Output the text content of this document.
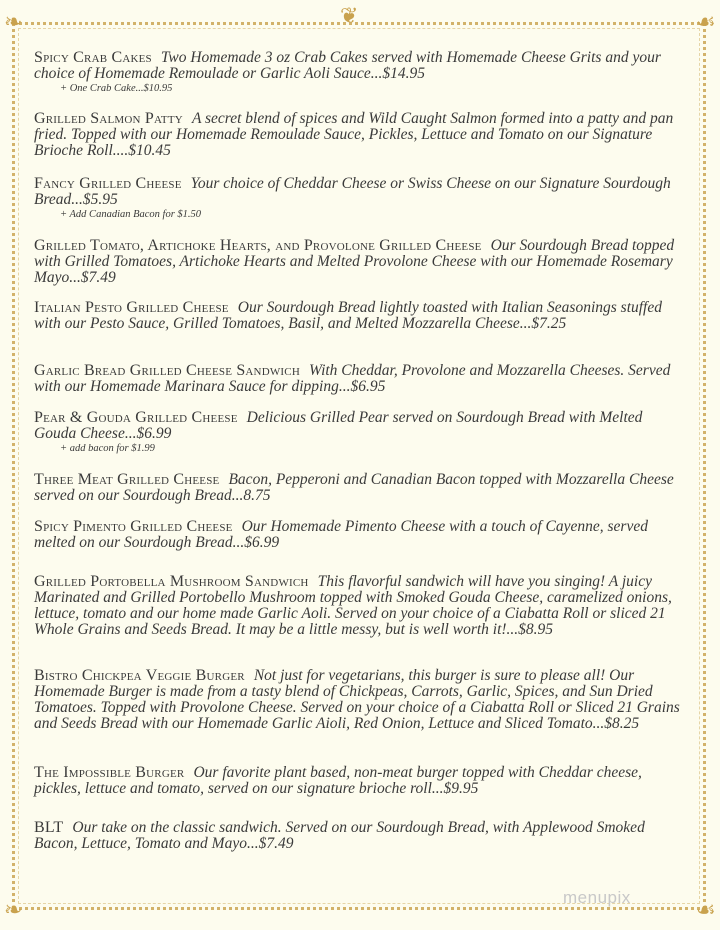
❦
❧	☙
❧	☙
Spicy Crab Cakes Two Homemade 3 oz Crab Cakes served with Homemade Cheese Grits and your choice of Homemade Remoulade or Garlic Aoli Sauce...$14.95
+ One Crab Cake...$10.95
Grilled Salmon Patty A secret blend of spices and Wild Caught Salmon formed into a patty and pan fried. Topped with our Homemade Remoulade Sauce, Pickles, Lettuce and Tomato on our Signature Brioche Roll....$10.45
Fancy Grilled Cheese Your choice of Cheddar Cheese or Swiss Cheese on our Signature Sourdough Bread...$5.95
+ Add Canadian Bacon for $1.50
Grilled Tomato, Artichoke Hearts, and Provolone Grilled Cheese Our Sourdough Bread topped with Grilled Tomatoes, Artichoke Hearts and Melted Provolone Cheese with our Homemade Rosemary Mayo...$7.49
Italian Pesto Grilled Cheese Our Sourdough Bread lightly toasted with Italian Seasonings stuffed with our Pesto Sauce, Grilled Tomatoes, Basil, and Melted Mozzarella Cheese...$7.25
Garlic Bread Grilled Cheese Sandwich With Cheddar, Provolone and Mozzarella Cheeses. Served with our Homemade Marinara Sauce for dipping...$6.95
Pear & Gouda Grilled Cheese Delicious Grilled Pear served on Sourdough Bread with Melted Gouda Cheese...$6.99
+ add bacon for $1.99
Three Meat Grilled Cheese Bacon, Pepperoni and Canadian Bacon topped with Mozzarella Cheese served on our Sourdough Bread...8.75
Spicy Pimento Grilled Cheese Our Homemade Pimento Cheese with a touch of Cayenne, served melted on our Sourdough Bread...$6.99
Grilled Portobella Mushroom Sandwich This flavorful sandwich will have you singing! A juicy Marinated and Grilled Portobello Mushroom topped with Smoked Gouda Cheese, caramelized onions, lettuce, tomato and our home made Garlic Aoli. Served on your choice of a Ciabatta Roll or sliced 21 Whole Grains and Seeds Bread. It may be a little messy, but is well worth it!...$8.95
Bistro Chickpea Veggie Burger Not just for vegetarians, this burger is sure to please all! Our Homemade Burger is made from a tasty blend of Chickpeas, Carrots, Garlic, Spices, and Sun Dried Tomatoes. Topped with Provolone Cheese. Served on your choice of a Ciabatta Roll or Sliced 21 Grains and Seeds Bread with our Homemade Garlic Aioli, Red Onion, Lettuce and Sliced Tomato...$8.25
The Impossible Burger Our favorite plant based, non-meat burger topped with Cheddar cheese, pickles, lettuce and tomato, served on our signature brioche roll...$9.95
BLT Our take on the classic sandwich. Served on our Sourdough Bread, with Applewood Smoked Bacon, Lettuce, Tomato and Mayo...$7.49
menupix
